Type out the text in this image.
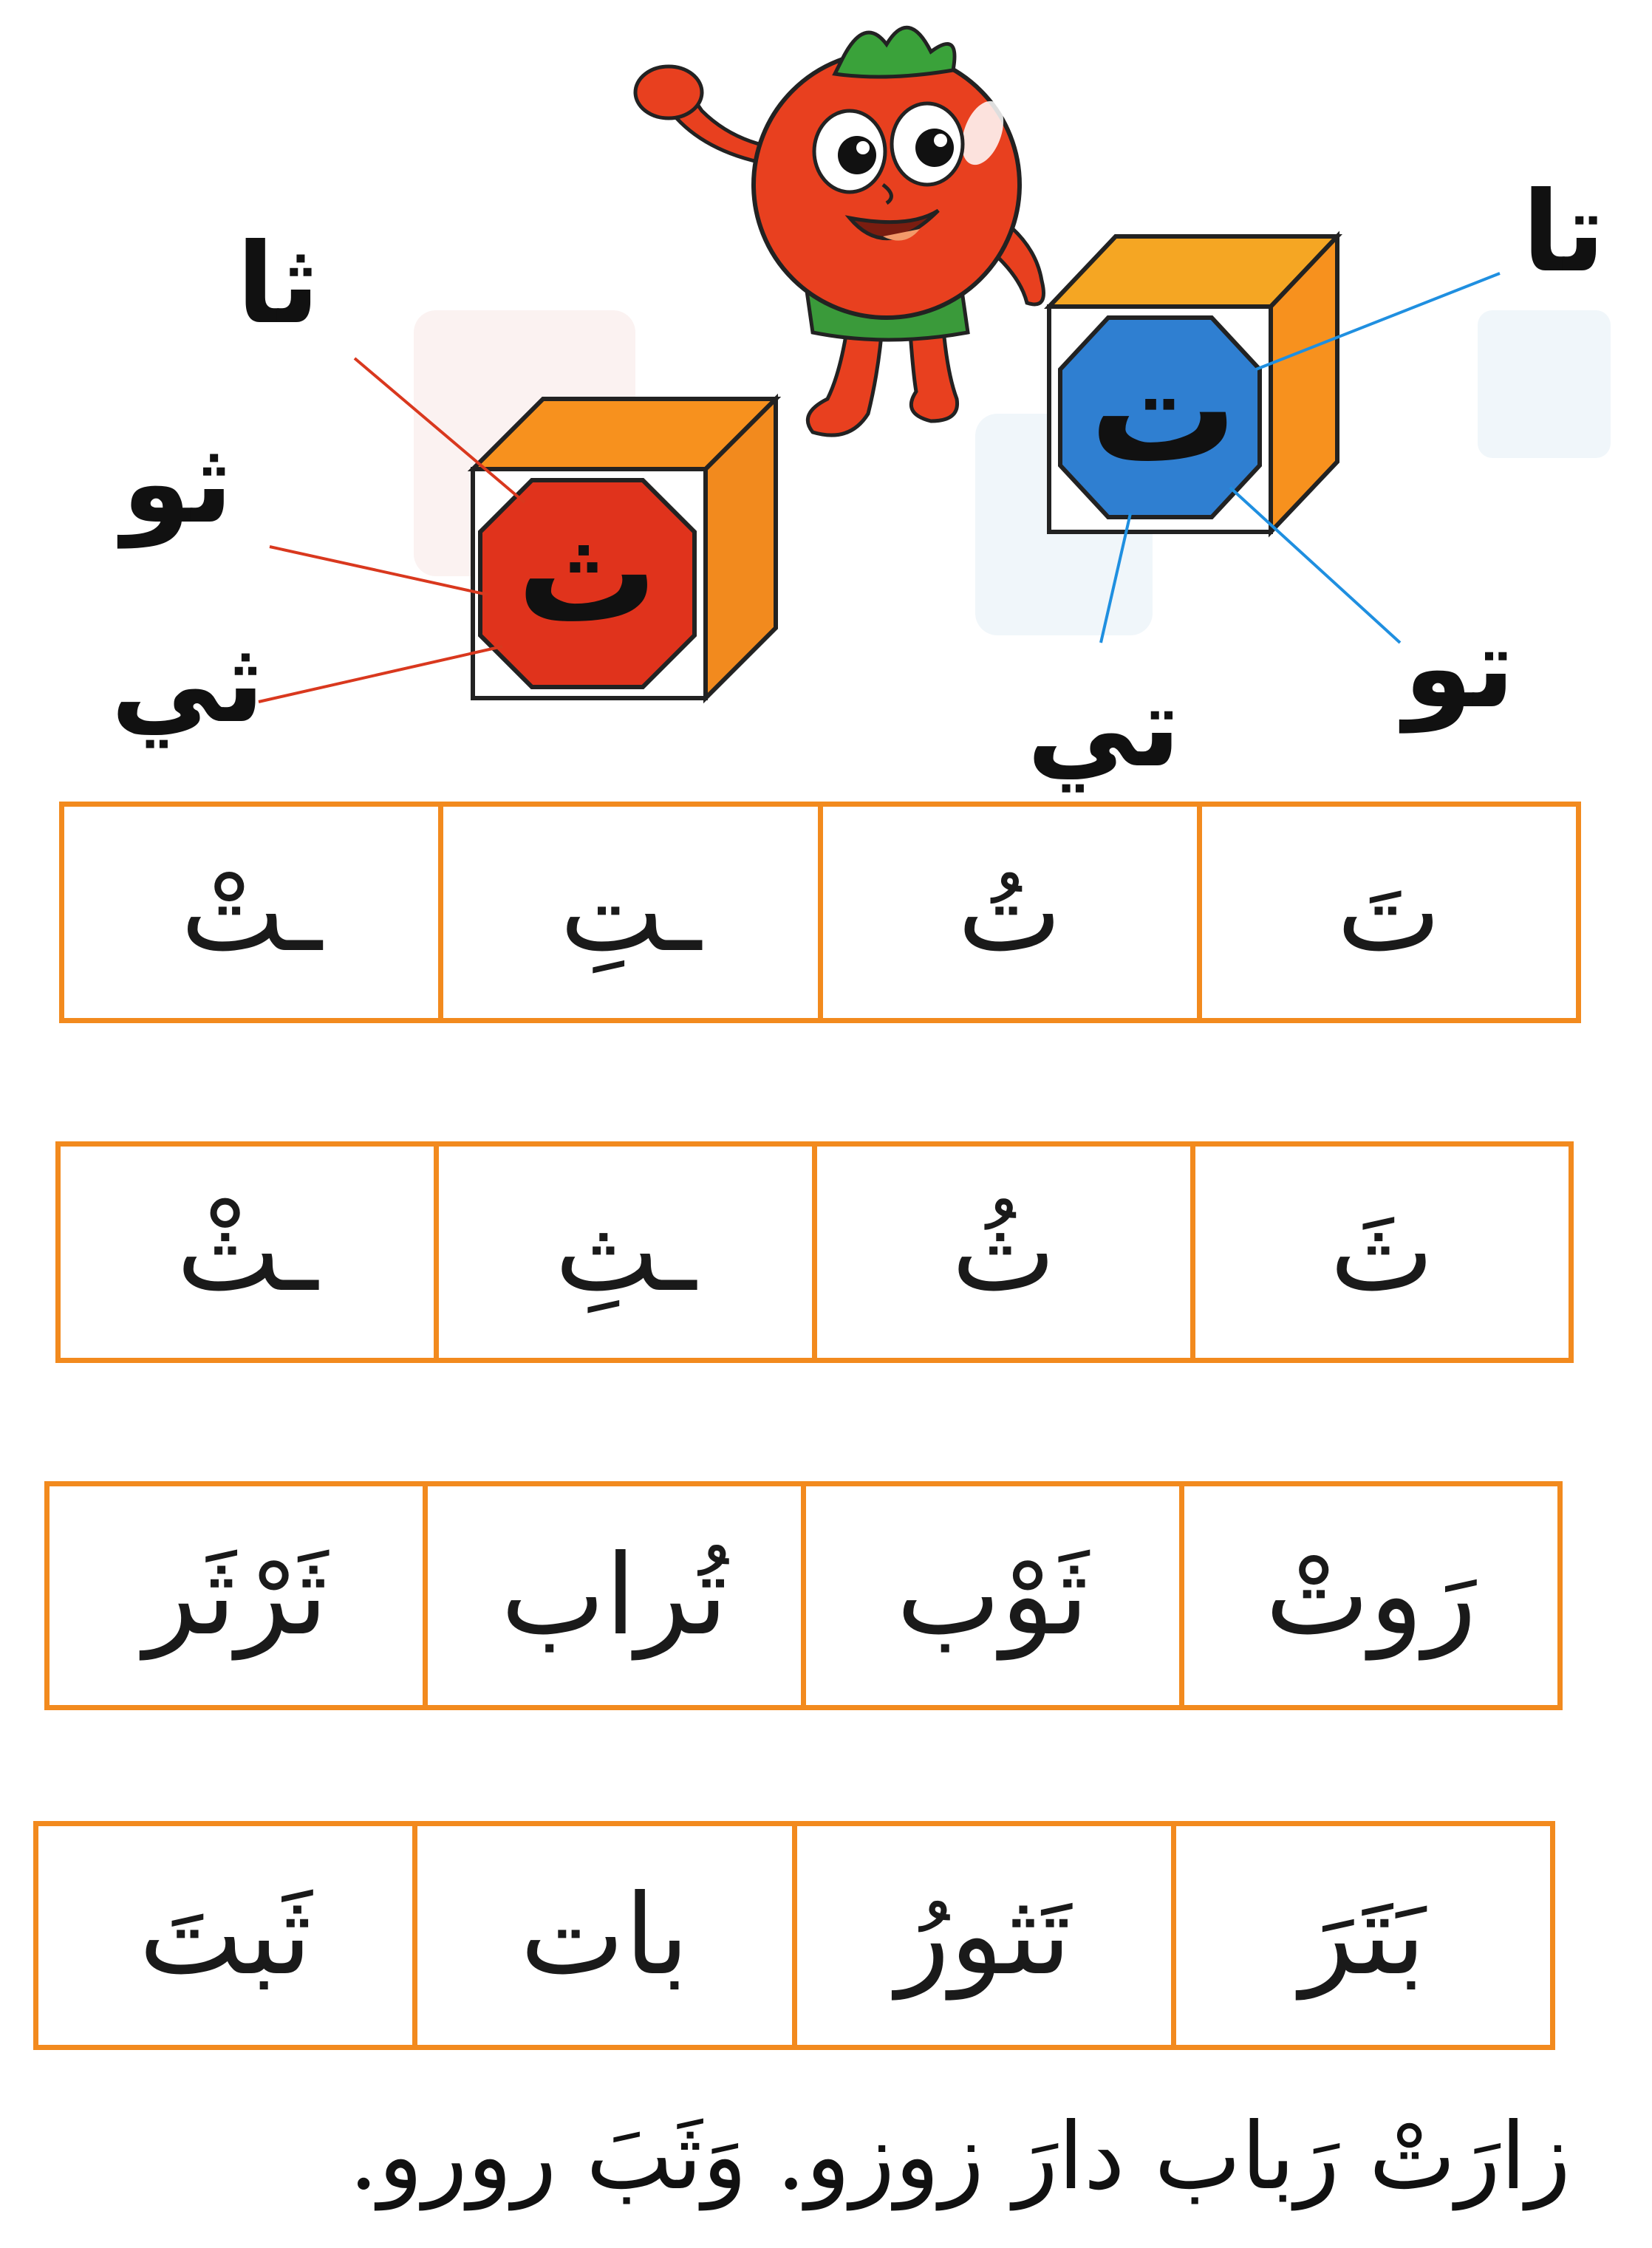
ت
ث
ثا
ثو
ثي
تا
تو
تي
تَ
تُ
ـتِ
ـتْ
ثَ
ثُ
ـثِ
ـثْ
رَوتْ
ثَوْب
تُراب
ثَرْثَر
بَتَرَ
تَثورُ
بات
ثَبتَ
زارَتْ رَباب دارَ زوزو. وَثَبَ رورو.
